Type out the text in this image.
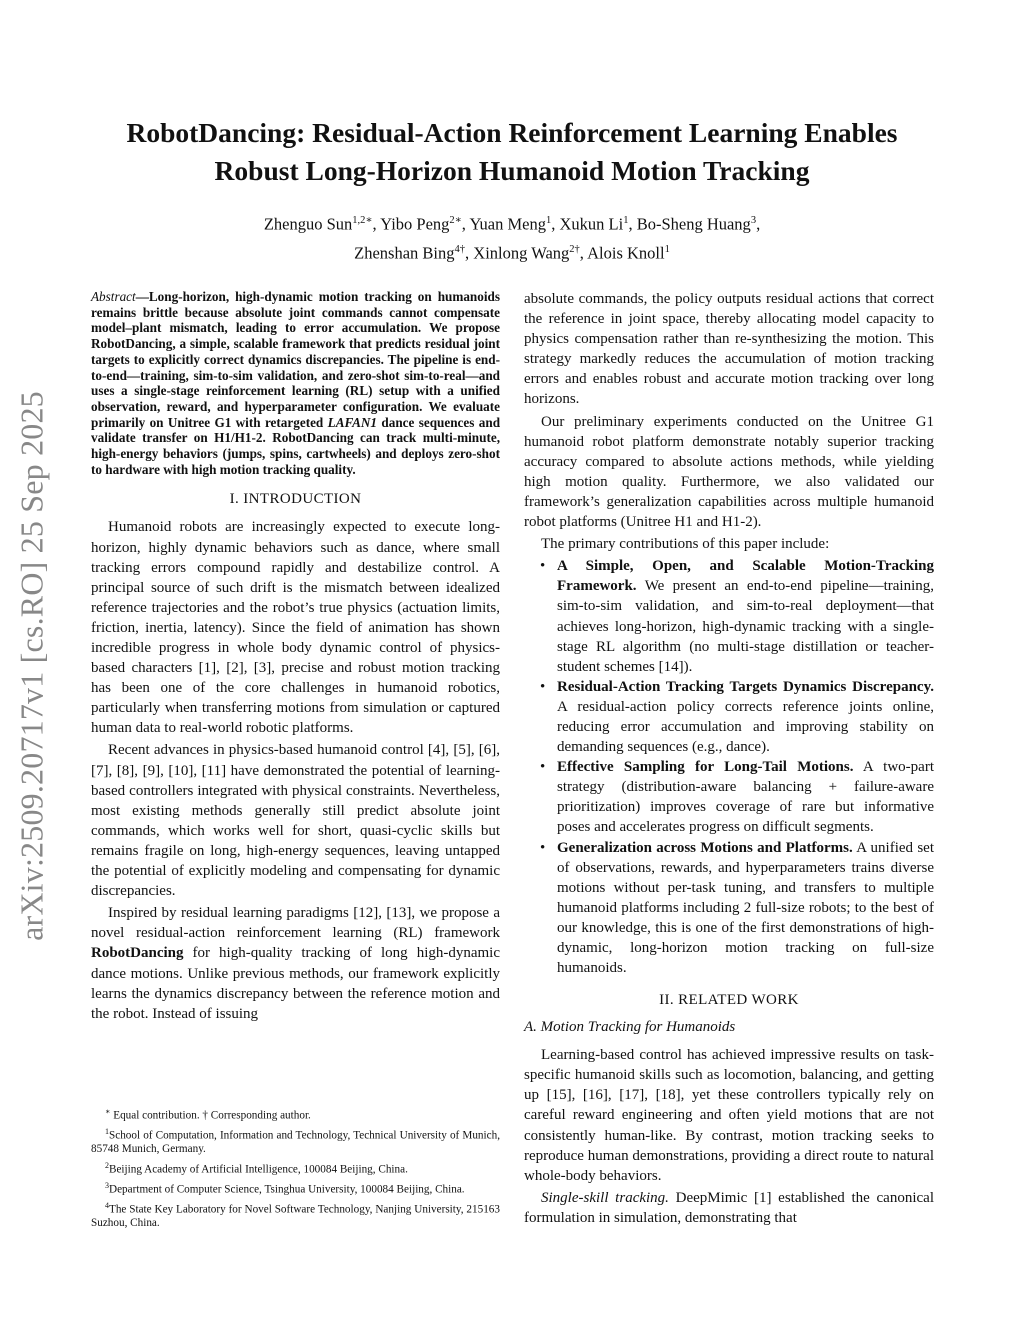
arXiv:2509.20717v1 [cs.RO] 25 Sep 2025
RobotDancing: Residual-Action Reinforcement Learning Enables
Robust Long-Horizon Humanoid Motion Tracking
Zhenguo Sun$^{1,2∗}$, Yibo Peng$^{2∗}$, Yuan Meng$^1$, Xukun Li$^1$, Bo-Sheng Huang$^3$,
Zhenshan Bing$^{4\dagger}$, Xinlong Wang$^{2\dagger}$, Alois Knoll$^1$

Abstract—Long-horizon, high-dynamic motion tracking on humanoids remains brittle because absolute joint commands cannot compensate model–plant mismatch, leading to error accumulation. We propose RobotDancing, a simple, scalable framework that predicts residual joint targets to explicitly correct dynamics discrepancies. The pipeline is end-to-end—training, sim-to-sim validation, and zero-shot sim-to-real—and uses a single-stage reinforcement learning (RL) setup with a unified observation, reward, and hyperparameter configuration. We evaluate primarily on Unitree G1 with retargeted LAFAN1 dance sequences and validate transfer on H1/H1-2. RobotDancing can track multi-minute, high-energy behaviors (jumps, spins, cartwheels) and deploys zero-shot to hardware with high motion tracking quality.

I. INTRODUCTION

Humanoid robots are increasingly expected to execute long-horizon, highly dynamic behaviors such as dance, where small tracking errors compound rapidly and destabilize control. A principal source of such drift is the mismatch between idealized reference trajectories and the robot’s true physics (actuation limits, friction, inertia, latency). Since the field of animation has shown incredible progress in whole body dynamic control of physics-based characters [1], [2], [3], precise and robust motion tracking has been one of the core challenges in humanoid robotics, particularly when transferring motions from simulation or captured human data to real-world robotic platforms.

Recent advances in physics-based humanoid control [4], [5], [6], [7], [8], [9], [10], [11] have demonstrated the potential of learning-based controllers integrated with physical constraints. Nevertheless, most existing methods generally still predict absolute joint commands, which works well for short, quasi-cyclic skills but remains fragile on long, high-energy sequences, leaving untapped the potential of explicitly modeling and compensating for dynamic discrepancies.

Inspired by residual learning paradigms [12], [13], we propose a novel residual-action reinforcement learning (RL) framework RobotDancing for high-quality tracking of long high-dynamic dance motions. Unlike previous methods, our framework explicitly learns the dynamics discrepancy between the reference motion and the robot. Instead of issuing

∗ Equal contribution. † Corresponding author.

$^1$School of Computation, Information and Technology, Technical University of Munich, 85748 Munich, Germany.

$^2$Beijing Academy of Artificial Intelligence, 100084 Beijing, China.

$^3$Department of Computer Science, Tsinghua University, 100084 Beijing, China.

$^4$The State Key Laboratory for Novel Software Technology, Nanjing University, 215163 Suzhou, China.

absolute commands, the policy outputs residual actions that correct the reference in joint space, thereby allocating model capacity to physics compensation rather than re-synthesizing the motion. This strategy markedly reduces the accumulation of motion tracking errors and enables robust and accurate motion tracking over long horizons.

Our preliminary experiments conducted on the Unitree G1 humanoid robot platform demonstrate notably superior tracking accuracy compared to absolute actions methods, while yielding high motion quality. Furthermore, we also validated our framework’s generalization capabilities across multiple humanoid robot platforms (Unitree H1 and H1-2).

The primary contributions of this paper include:

• A Simple, Open, and Scalable Motion-Tracking Framework. We present an end-to-end pipeline—training, sim-to-sim validation, and sim-to-real deployment—that achieves long-horizon, high-dynamic tracking with a single-stage RL algorithm (no multi-stage distillation or teacher-student schemes [14]).
• Residual-Action Tracking Targets Dynamics Discrepancy. A residual-action policy corrects reference joints online, reducing error accumulation and improving stability on demanding sequences (e.g., dance).
• Effective Sampling for Long-Tail Motions. A two-part strategy (distribution-aware balancing + failure-aware prioritization) improves coverage of rare but informative poses and accelerates progress on difficult segments.
• Generalization across Motions and Platforms. A unified set of observations, rewards, and hyperparameters trains diverse motions without per-task tuning, and transfers to multiple humanoid platforms including 2 full-size robots; to the best of our knowledge, this is one of the first demonstrations of high-dynamic, long-horizon motion tracking on full-size humanoids.
II. RELATED WORK
A. Motion Tracking for Humanoids

Learning-based control has achieved impressive results on task-specific humanoid skills such as locomotion, balancing, and getting up [15], [16], [17], [18], yet these controllers typically rely on careful reward engineering and often yield motions that are not consistently human-like. By contrast, motion tracking seeks to reproduce human demonstrations, providing a direct route to natural whole-body behaviors.

Single-skill tracking. DeepMimic [1] established the canonical formulation in simulation, demonstrating that
